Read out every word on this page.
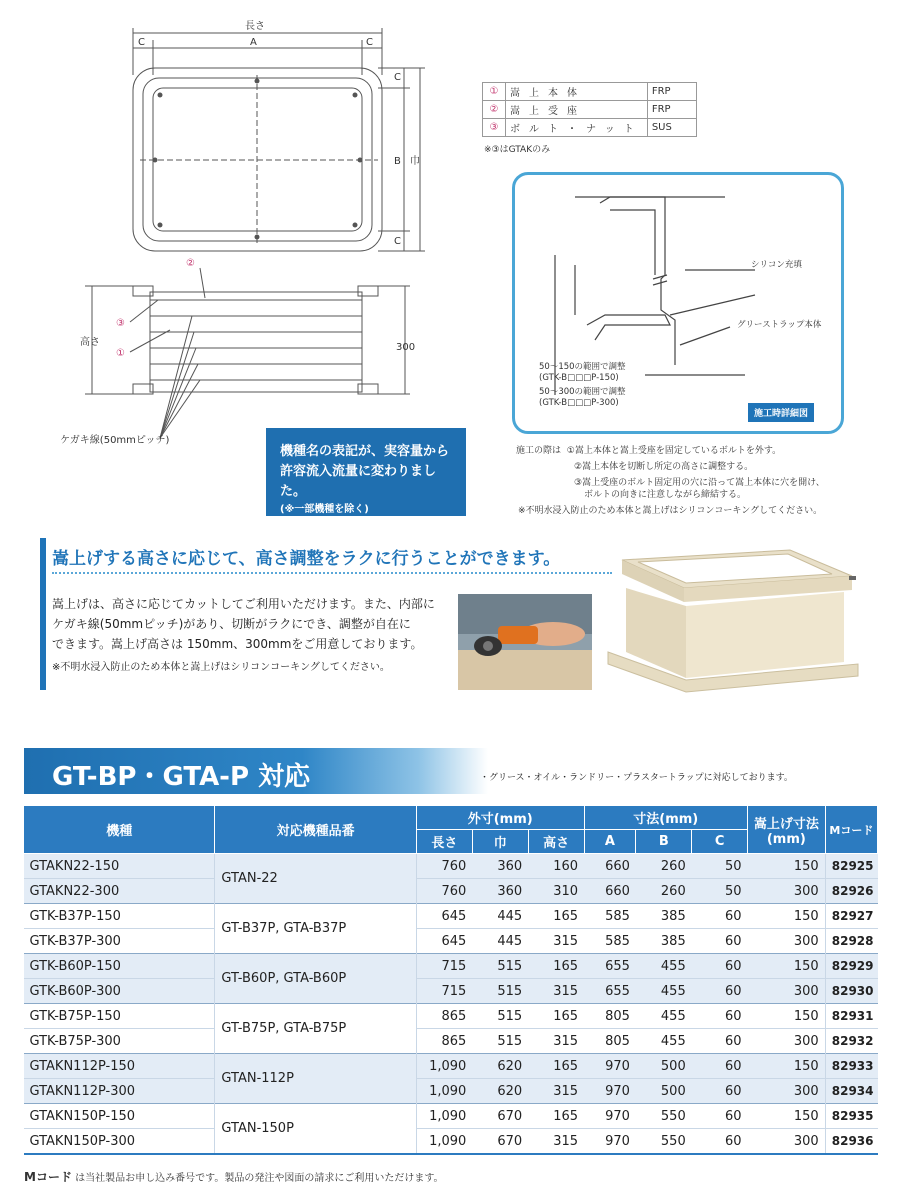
長さ
A
C	C
C
B 巾
C
高さ	300
②
③
①
ケガキ線(50mmピッチ)
①	嵩上本体	FRP
②	嵩上受座	FRP
③	ボルト・ナット	SUS
※③はGTAKのみ
シリコン充填
グリーストラップ本体
50～150の範囲で調整
(GTK-B□□□P-150)
50～300の範囲で調整
(GTK-B□□□P-300)
施工時詳細図
施工の際は ①嵩上本体と嵩上受座を固定しているボルトを外す。
②嵩上本体を切断し所定の高さに調整する。
③嵩上受座のボルト固定用の穴に沿って嵩上本体に穴を開け、
ボルトの向きに注意しながら締結する。
※不明水浸入防止のため本体と嵩上げはシリコンコーキングしてください。
機種名の表記が、実容量から
許容流入流量に変わりました。
(※一部機種を除く)
嵩上げする高さに応じて、高さ調整をラクに行うことができます。
嵩上げは、高さに応じてカットしてご利用いただけます。また、内部に
ケガキ線(50mmピッチ)があり、切断がラクにでき、調整が自在に
できます。嵩上げ高さは 150mm、300mmをご用意しております。
※不明水浸入防止のため本体と嵩上げはシリコンコーキングしてください。
GT-BP・GTA-P 対応	・グリース・オイル・ランドリー・プラスタートラップに対応しております。
機種	対応機種品番	外寸(mm)			寸法(mm)			嵩上げ寸法
(mm)	Mコード
		長さ	巾	高さ	A	B	C		
GTAKN22-150	GTAN-22	760	360	160	660	260	50	150	82925
GTAKN22-300		760	360	310	660	260	50	300	82926
GTK-B37P-150	GT-B37P, GTA-B37P	645	445	165	585	385	60	150	82927
GTK-B37P-300		645	445	315	585	385	60	300	82928
GTK-B60P-150	GT-B60P, GTA-B60P	715	515	165	655	455	60	150	82929
GTK-B60P-300		715	515	315	655	455	60	300	82930
GTK-B75P-150	GT-B75P, GTA-B75P	865	515	165	805	455	60	150	82931
GTK-B75P-300		865	515	315	805	455	60	300	82932
GTAKN112P-150	GTAN-112P	1,090	620	165	970	500	60	150	82933
GTAKN112P-300		1,090	620	315	970	500	60	300	82934
GTAKN150P-150	GTAN-150P	1,090	670	165	970	550	60	150	82935
GTAKN150P-300		1,090	670	315	970	550	60	300	82936
Mコード は当社製品お申し込み番号です。製品の発注や図面の請求にご利用いただけます。
